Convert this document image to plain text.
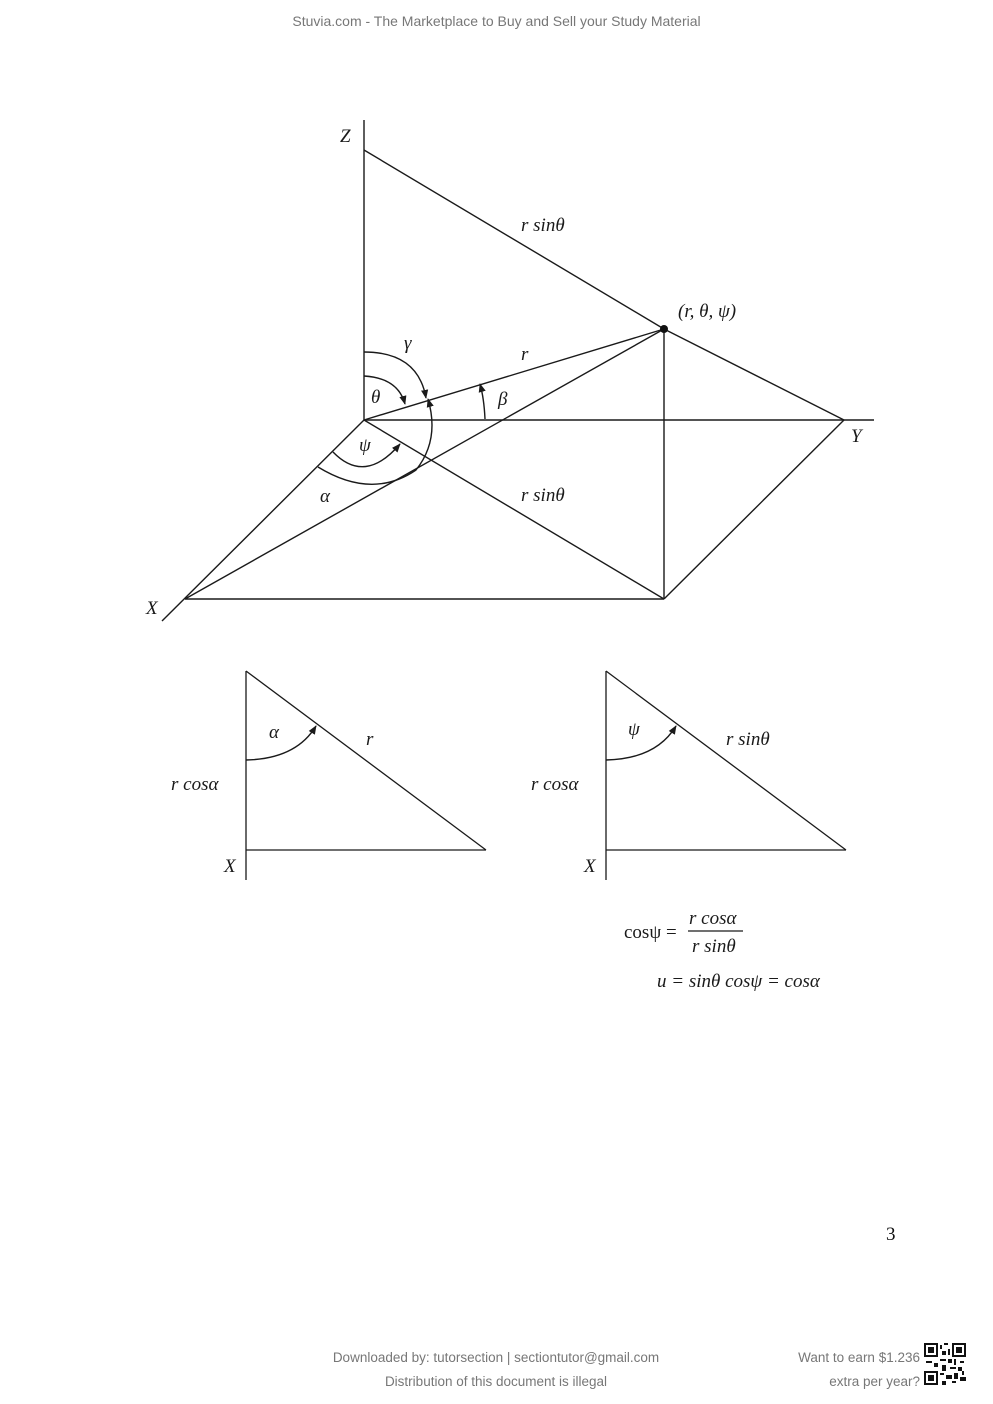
Stuvia.com - The Marketplace to Buy and Sell your Study Material
Z
Y
X
r sinθ
(r, θ, ψ)
r
γ
θ	β
ψ
α	r sinθ
α	r
r cosα
X
ψ	r sinθ
r cosα
X
cosψ =
r cosα
r sinθ
u = sinθ cosψ = cosα
3
Downloaded by: tutorsection | sectiontutor@gmail.com
Distribution of this document is illegal
Want to earn $1.236
extra per year?
